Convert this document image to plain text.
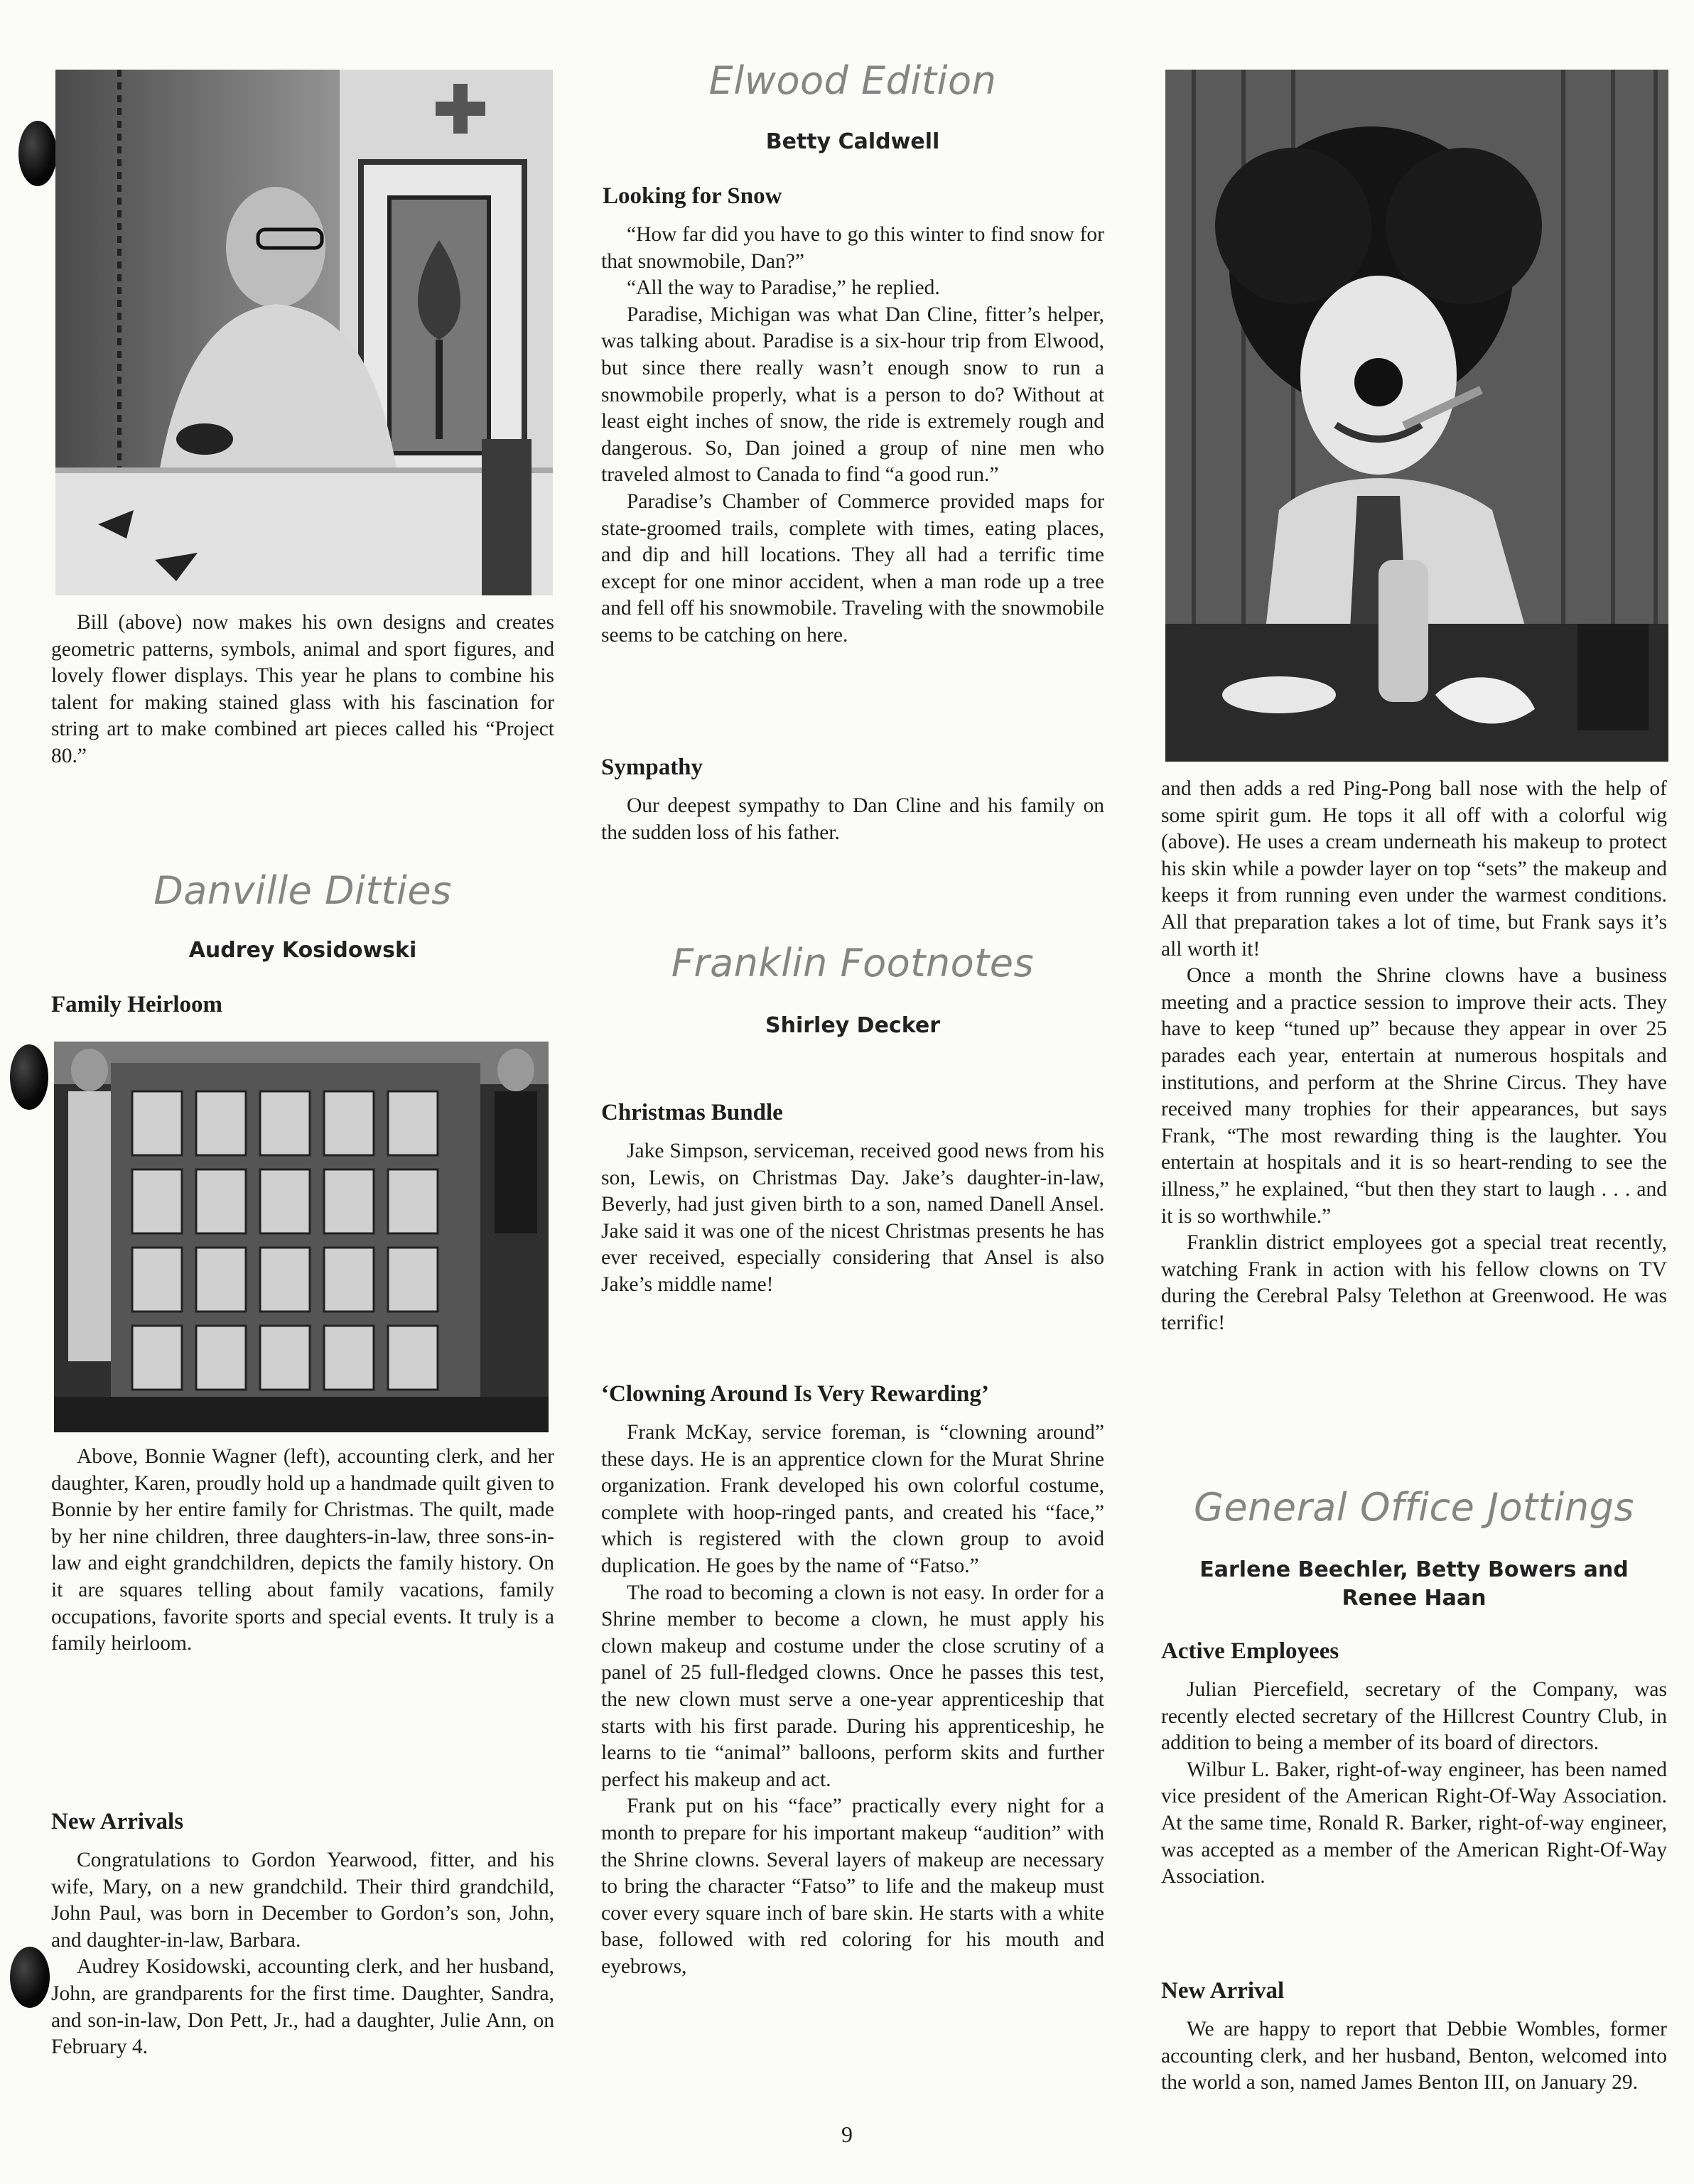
Bill (above) now makes his own designs and creates geometric patterns, symbols, animal and sport figures, and lovely flower displays. This year he plans to combine his talent for making stained glass with his fascination for string art to make combined art pieces called his “Project 80.”

Danville Ditties
Audrey Kosidowski
Family Heirloom

Above, Bonnie Wagner (left), accounting clerk, and her daughter, Karen, proudly hold up a handmade quilt given to Bonnie by her entire family for Christmas. The quilt, made by her nine children, three daughters-in-law, three sons-in-law and eight grandchildren, depicts the family history. On it are squares telling about family vacations, family occupations, favorite sports and special events. It truly is a family heirloom.

New Arrivals

Congratulations to Gordon Yearwood, fitter, and his wife, Mary, on a new grandchild. Their third grandchild, John Paul, was born in December to Gordon’s son, John, and daughter-in-law, Barbara.

Audrey Kosidowski, accounting clerk, and her husband, John, are grandparents for the first time. Daughter, Sandra, and son-in-law, Don Pett, Jr., had a daughter, Julie Ann, on February 4.

Elwood Edition
Betty Caldwell
Looking for Snow

“How far did you have to go this winter to find snow for that snowmobile, Dan?”

“All the way to Paradise,” he replied.

Paradise, Michigan was what Dan Cline, fitter’s helper, was talking about. Paradise is a six-hour trip from Elwood, but since there really wasn’t enough snow to run a snowmobile properly, what is a person to do? Without at least eight inches of snow, the ride is extremely rough and dangerous. So, Dan joined a group of nine men who traveled almost to Canada to find “a good run.”

Paradise’s Chamber of Commerce provided maps for state-groomed trails, complete with times, eating places, and dip and hill locations. They all had a terrific time except for one minor accident, when a man rode up a tree and fell off his snowmobile. Traveling with the snowmobile seems to be catching on here.

Sympathy

Our deepest sympathy to Dan Cline and his family on the sudden loss of his father.

Franklin Footnotes
Shirley Decker
Christmas Bundle

Jake Simpson, serviceman, received good news from his son, Lewis, on Christmas Day. Jake’s daughter-in-law, Beverly, had just given birth to a son, named Danell Ansel. Jake said it was one of the nicest Christmas presents he has ever received, especially considering that Ansel is also Jake’s middle name!

‘Clowning Around Is Very Rewarding’

Frank McKay, service foreman, is “clowning around” these days. He is an apprentice clown for the Murat Shrine organization. Frank developed his own colorful costume, complete with hoop-ringed pants, and created his “face,” which is registered with the clown group to avoid duplication. He goes by the name of “Fatso.”

The road to becoming a clown is not easy. In order for a Shrine member to become a clown, he must apply his clown makeup and costume under the close scrutiny of a panel of 25 full-fledged clowns. Once he passes this test, the new clown must serve a one-year apprenticeship that starts with his first parade. During his apprenticeship, he learns to tie “animal” balloons, perform skits and further perfect his makeup and act.

Frank put on his “face” practically every night for a month to prepare for his important makeup “audition” with the Shrine clowns. Several layers of makeup are necessary to bring the character “Fatso” to life and the makeup must cover every square inch of bare skin. He starts with a white base, followed with red coloring for his mouth and eyebrows,

and then adds a red Ping-Pong ball nose with the help of some spirit gum. He tops it all off with a colorful wig (above). He uses a cream underneath his makeup to protect his skin while a powder layer on top “sets” the makeup and keeps it from running even under the warmest conditions. All that preparation takes a lot of time, but Frank says it’s all worth it!

Once a month the Shrine clowns have a business meeting and a practice session to improve their acts. They have to keep “tuned up” because they appear in over 25 parades each year, entertain at numerous hospitals and institutions, and perform at the Shrine Circus. They have received many trophies for their appearances, but says Frank, “The most rewarding thing is the laughter. You entertain at hospitals and it is so heart-rending to see the illness,” he explained, “but then they start to laugh . . . and it is so worthwhile.”

Franklin district employees got a special treat recently, watching Frank in action with his fellow clowns on TV during the Cerebral Palsy Telethon at Greenwood. He was terrific!

General Office Jottings
Earlene Beechler, Betty Bowers and
Renee Haan
Active Employees

Julian Piercefield, secretary of the Company, was recently elected secretary of the Hillcrest Country Club, in addition to being a member of its board of directors.

Wilbur L. Baker, right-of-way engineer, has been named vice president of the American Right-Of-Way Association. At the same time, Ronald R. Barker, right-of-way engineer, was accepted as a member of the American Right-Of-Way Association.

New Arrival

We are happy to report that Debbie Wombles, former accounting clerk, and her husband, Benton, welcomed into the world a son, named James Benton III, on January 29.

9
